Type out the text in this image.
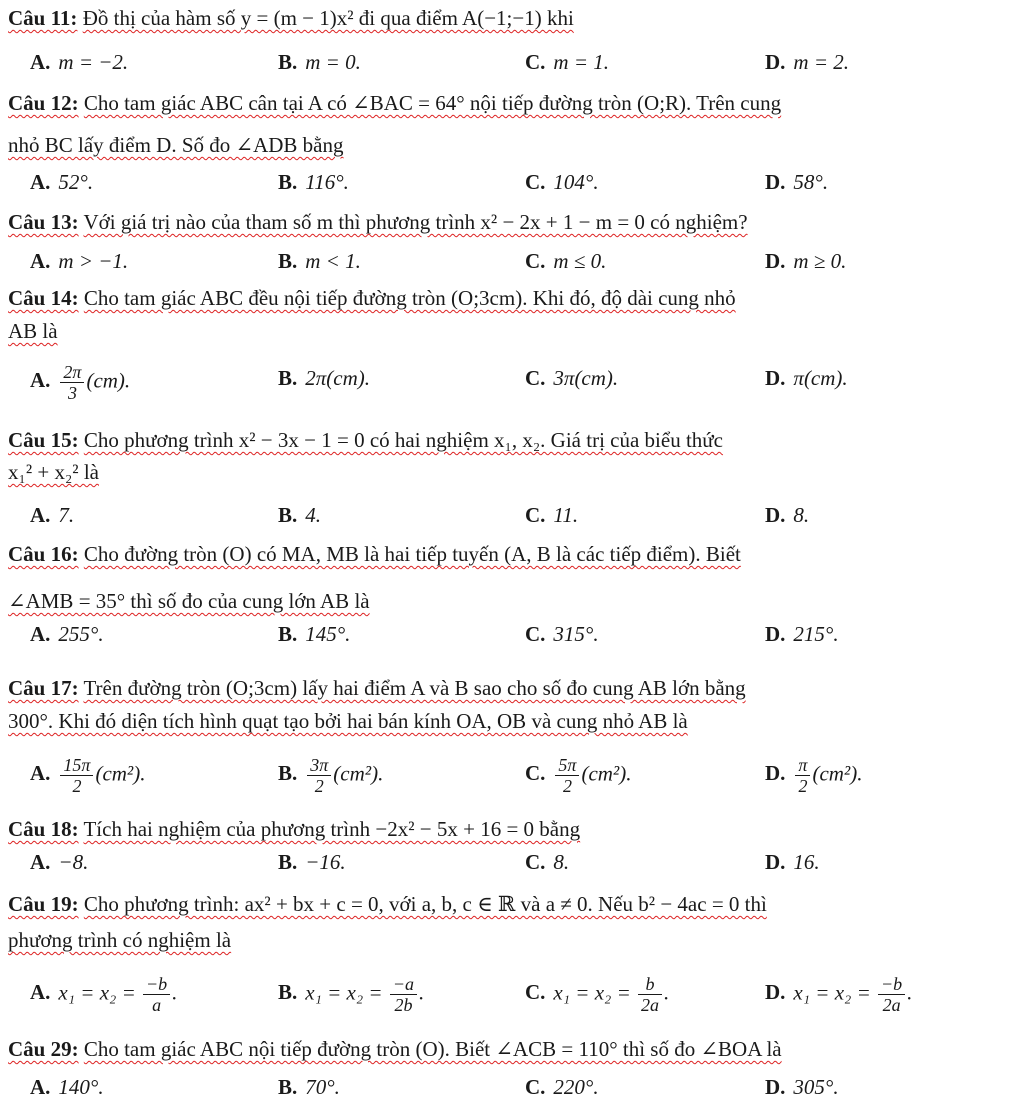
Câu 11: Đồ thị của hàm số y = (m − 1)x² đi qua điểm A(−1;−1) khi
A. m = −2.	B. m = 0.	C. m = 1.	D. m = 2.
Câu 12: Cho tam giác ABC cân tại A có ∠BAC = 64° nội tiếp đường tròn (O;R). Trên cung
nhỏ BC lấy điểm D. Số đo ∠ADB bằng
A. 52°.	B. 116°.	C. 104°.	D. 58°.
Câu 13: Với giá trị nào của tham số m thì phương trình x² − 2x + 1 − m = 0 có nghiệm?
A. m > −1.	B. m < 1.	C. m ≤ 0.	D. m ≥ 0.
Câu 14: Cho tam giác ABC đều nội tiếp đường tròn (O;3cm). Khi đó, độ dài cung nhỏ
AB là
A. $\frac{2\pi}{3} (cm)$.	B. 2π(cm).	C. 3π(cm).	D. π(cm).
Câu 15: Cho phương trình x² − 3x − 1 = 0 có hai nghiệm x₁, x₂. Giá trị của biểu thức
x₁² + x₂² là
A. 7.	B. 4.	C. 11.	D. 8.
Câu 16: Cho đường tròn (O) có MA, MB là hai tiếp tuyến (A, B là các tiếp điểm). Biết
∠AMB = 35° thì số đo của cung lớn AB là
A. 255°.	B. 145°.	C. 315°.	D. 215°.
Câu 17: Trên đường tròn (O;3cm) lấy hai điểm A và B sao cho số đo cung AB lớn bằng
300°. Khi đó diện tích hình quạt tạo bởi hai bán kính OA, OB và cung nhỏ AB là
A. $\frac{15\pi}{2} (cm^2)$.	B. $\frac{3\pi}{2} (cm^2)$.	C. $\frac{5\pi}{2} (cm^2)$.	D. $\frac{\pi}{2} (cm^2)$.
Câu 18: Tích hai nghiệm của phương trình −2x² − 5x + 16 = 0 bằng
A. −8.	B. −16.	C. 8.	D. 16.
Câu 19: Cho phương trình: ax² + bx + c = 0, với a, b, c ∈ ℝ và a ≠ 0. Nếu b² − 4ac = 0 thì
phương trình có nghiệm là
A. $x_1 = x_2 = \frac{-b}{a}$ .	B. $x_1 = x_2 = \frac{-a}{2b}$ .	C. $x_1 = x_2 = \frac{b}{2a}$ .	D. $x_1 = x_2 = \frac{-b}{2a}$ .
Câu 29: Cho tam giác ABC nội tiếp đường tròn (O). Biết ∠ACB = 110° thì số đo ∠BOA là
A. 140°.	B. 70°.	C. 220°.	D. 305°.
